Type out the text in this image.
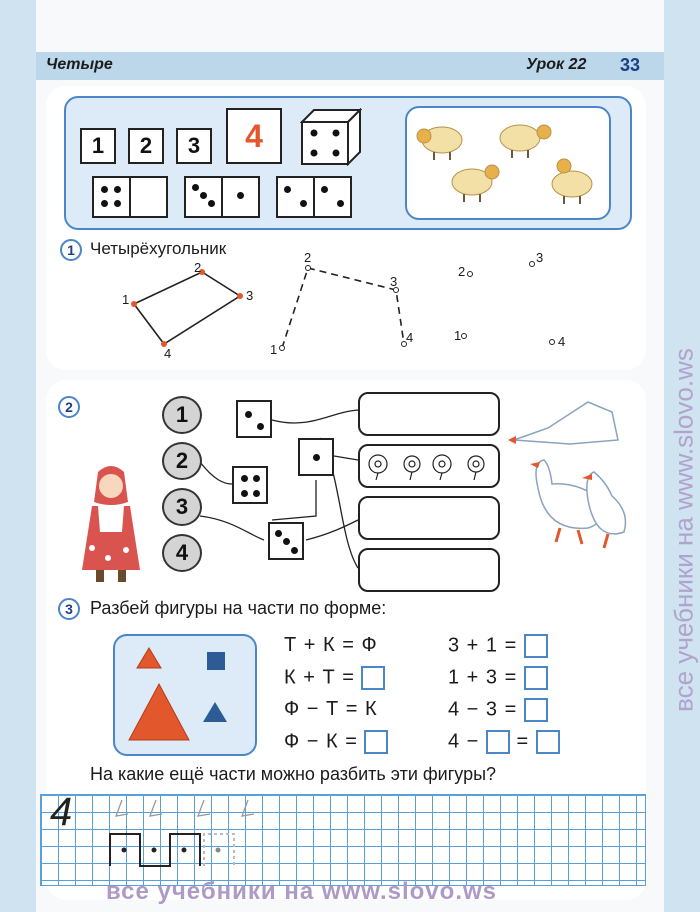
Четыре	Урок 22 33
1	2	3	4
1 Четырёхугольник
1
2
3
4	1
2
3
4	1
2
3
4
2	1
2
3
4
3 Разбей фигуры на части по форме:
Т + К = Ф
К + Т =
Ф − Т = К
Ф − К =
3 + 1 =
1 + 3 =
4 − 3 =
4 − =
На какие ещё части можно разбить эти фигуры?
4
все учебники на www.slovo.ws
все учебники на www.slovo.ws
